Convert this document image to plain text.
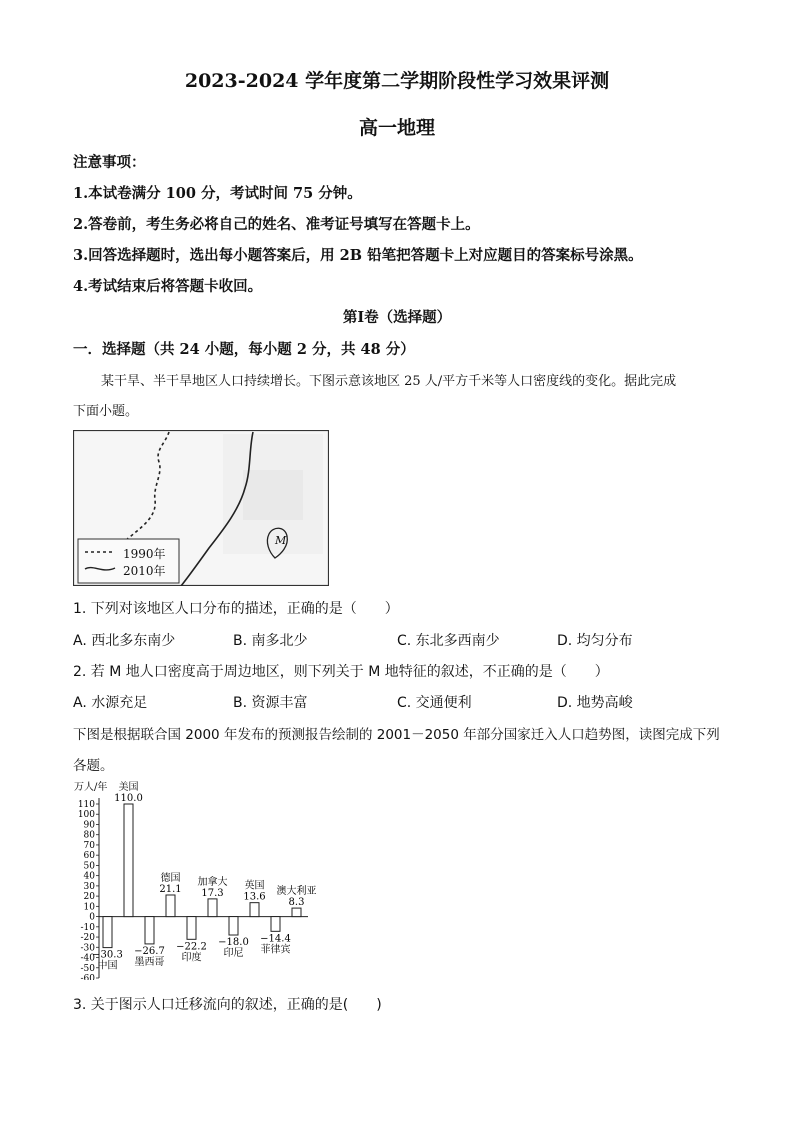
2023-2024 学年度第二学期阶段性学习效果评测
高一地理
注意事项：
1.本试卷满分 100 分，考试时间 75 分钟。
2.答卷前，考生务必将自己的姓名、准考证号填写在答题卡上。
3.回答选择题时，选出每小题答案后，用 2B 铅笔把答题卡上对应题目的答案标号涂黑。
4.考试结束后将答题卡收回。
第Ⅰ卷（选择题）
一．选择题（共 24 小题，每小题 2 分，共 48 分）
某干旱、半干旱地区人口持续增长。下图示意该地区 25 人/平方千米等人口密度线的变化。据此完成
下面小题。
M
1990年
2010年
1. 下列对该地区人口分布的描述，正确的是（　　）
A. 西北多东南少	B. 南多北少	C. 东北多西南少	D. 均匀分布
2. 若 M 地人口密度高于周边地区，则下列关于 M 地特征的叙述，不正确的是（　　）
A. 水源充足	B. 资源丰富	C. 交通便利	D. 地势高峻
下图是根据联合国 2000 年发布的预测报告绘制的 2001－2050 年部分国家迁入人口趋势图，读图完成下列
各题。
万人/年
110
100
90
80
70
60
50
40
30
20
10
0
-10
-20
-30
-40
-50
-60
−30.3
中国
美国
110.0
−26.7
墨西哥
德国
21.1
−22.2
印度
加拿大
17.3
−18.0
印尼
英国
13.6
−14.4
菲律宾
澳大利亚
8.3
3. 关于图示人口迁移流向的叙述，正确的是(　　)
